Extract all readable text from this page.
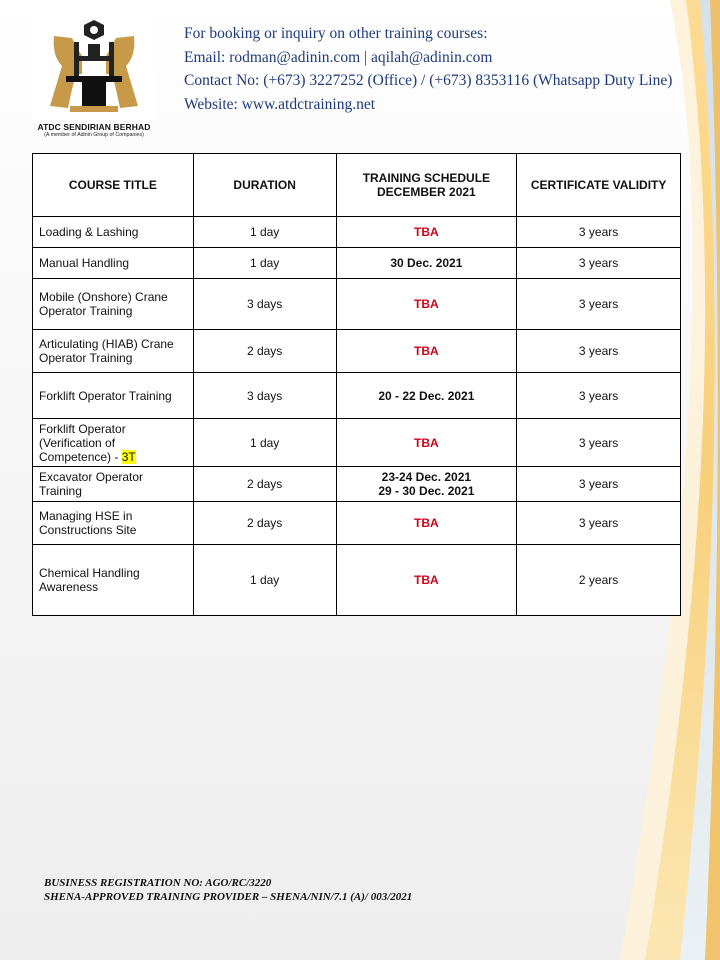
ATDC SENDIRIAN BERHAD
(A member of Adinin Group of Companies)
For booking or inquiry on other training courses:
Email: rodman@adinin.com | aqilah@adinin.com
Contact No: (+673) 3227252 (Office) / (+673) 8353116 (Whatsapp Duty Line)
Website: www.atdctraining.net
COURSE TITLE	DURATION	TRAINING SCHEDULE
DECEMBER 2021	CERTIFICATE VALIDITY
Loading & Lashing	1 day	TBA	3 years
Manual Handling	1 day	30 Dec. 2021	3 years
Mobile (Onshore) Crane Operator Training	3 days	TBA	3 years
Articulating (HIAB) Crane Operator Training	2 days	TBA	3 years
Forklift Operator Training	3 days	20 - 22 Dec. 2021	3 years
Forklift Operator (Verification of Competence) - 3T	1 day	TBA	3 years
Excavator Operator Training	2 days	23-24 Dec. 2021
29 - 30 Dec. 2021	3 years
Managing HSE in Constructions Site	2 days	TBA	3 years
Chemical Handling Awareness	1 day	TBA	2 years
BUSINESS REGISTRATION NO: AGO/RC/3220
SHENA-APPROVED TRAINING PROVIDER – SHENA/NIN/7.1 (A)/ 003/2021
